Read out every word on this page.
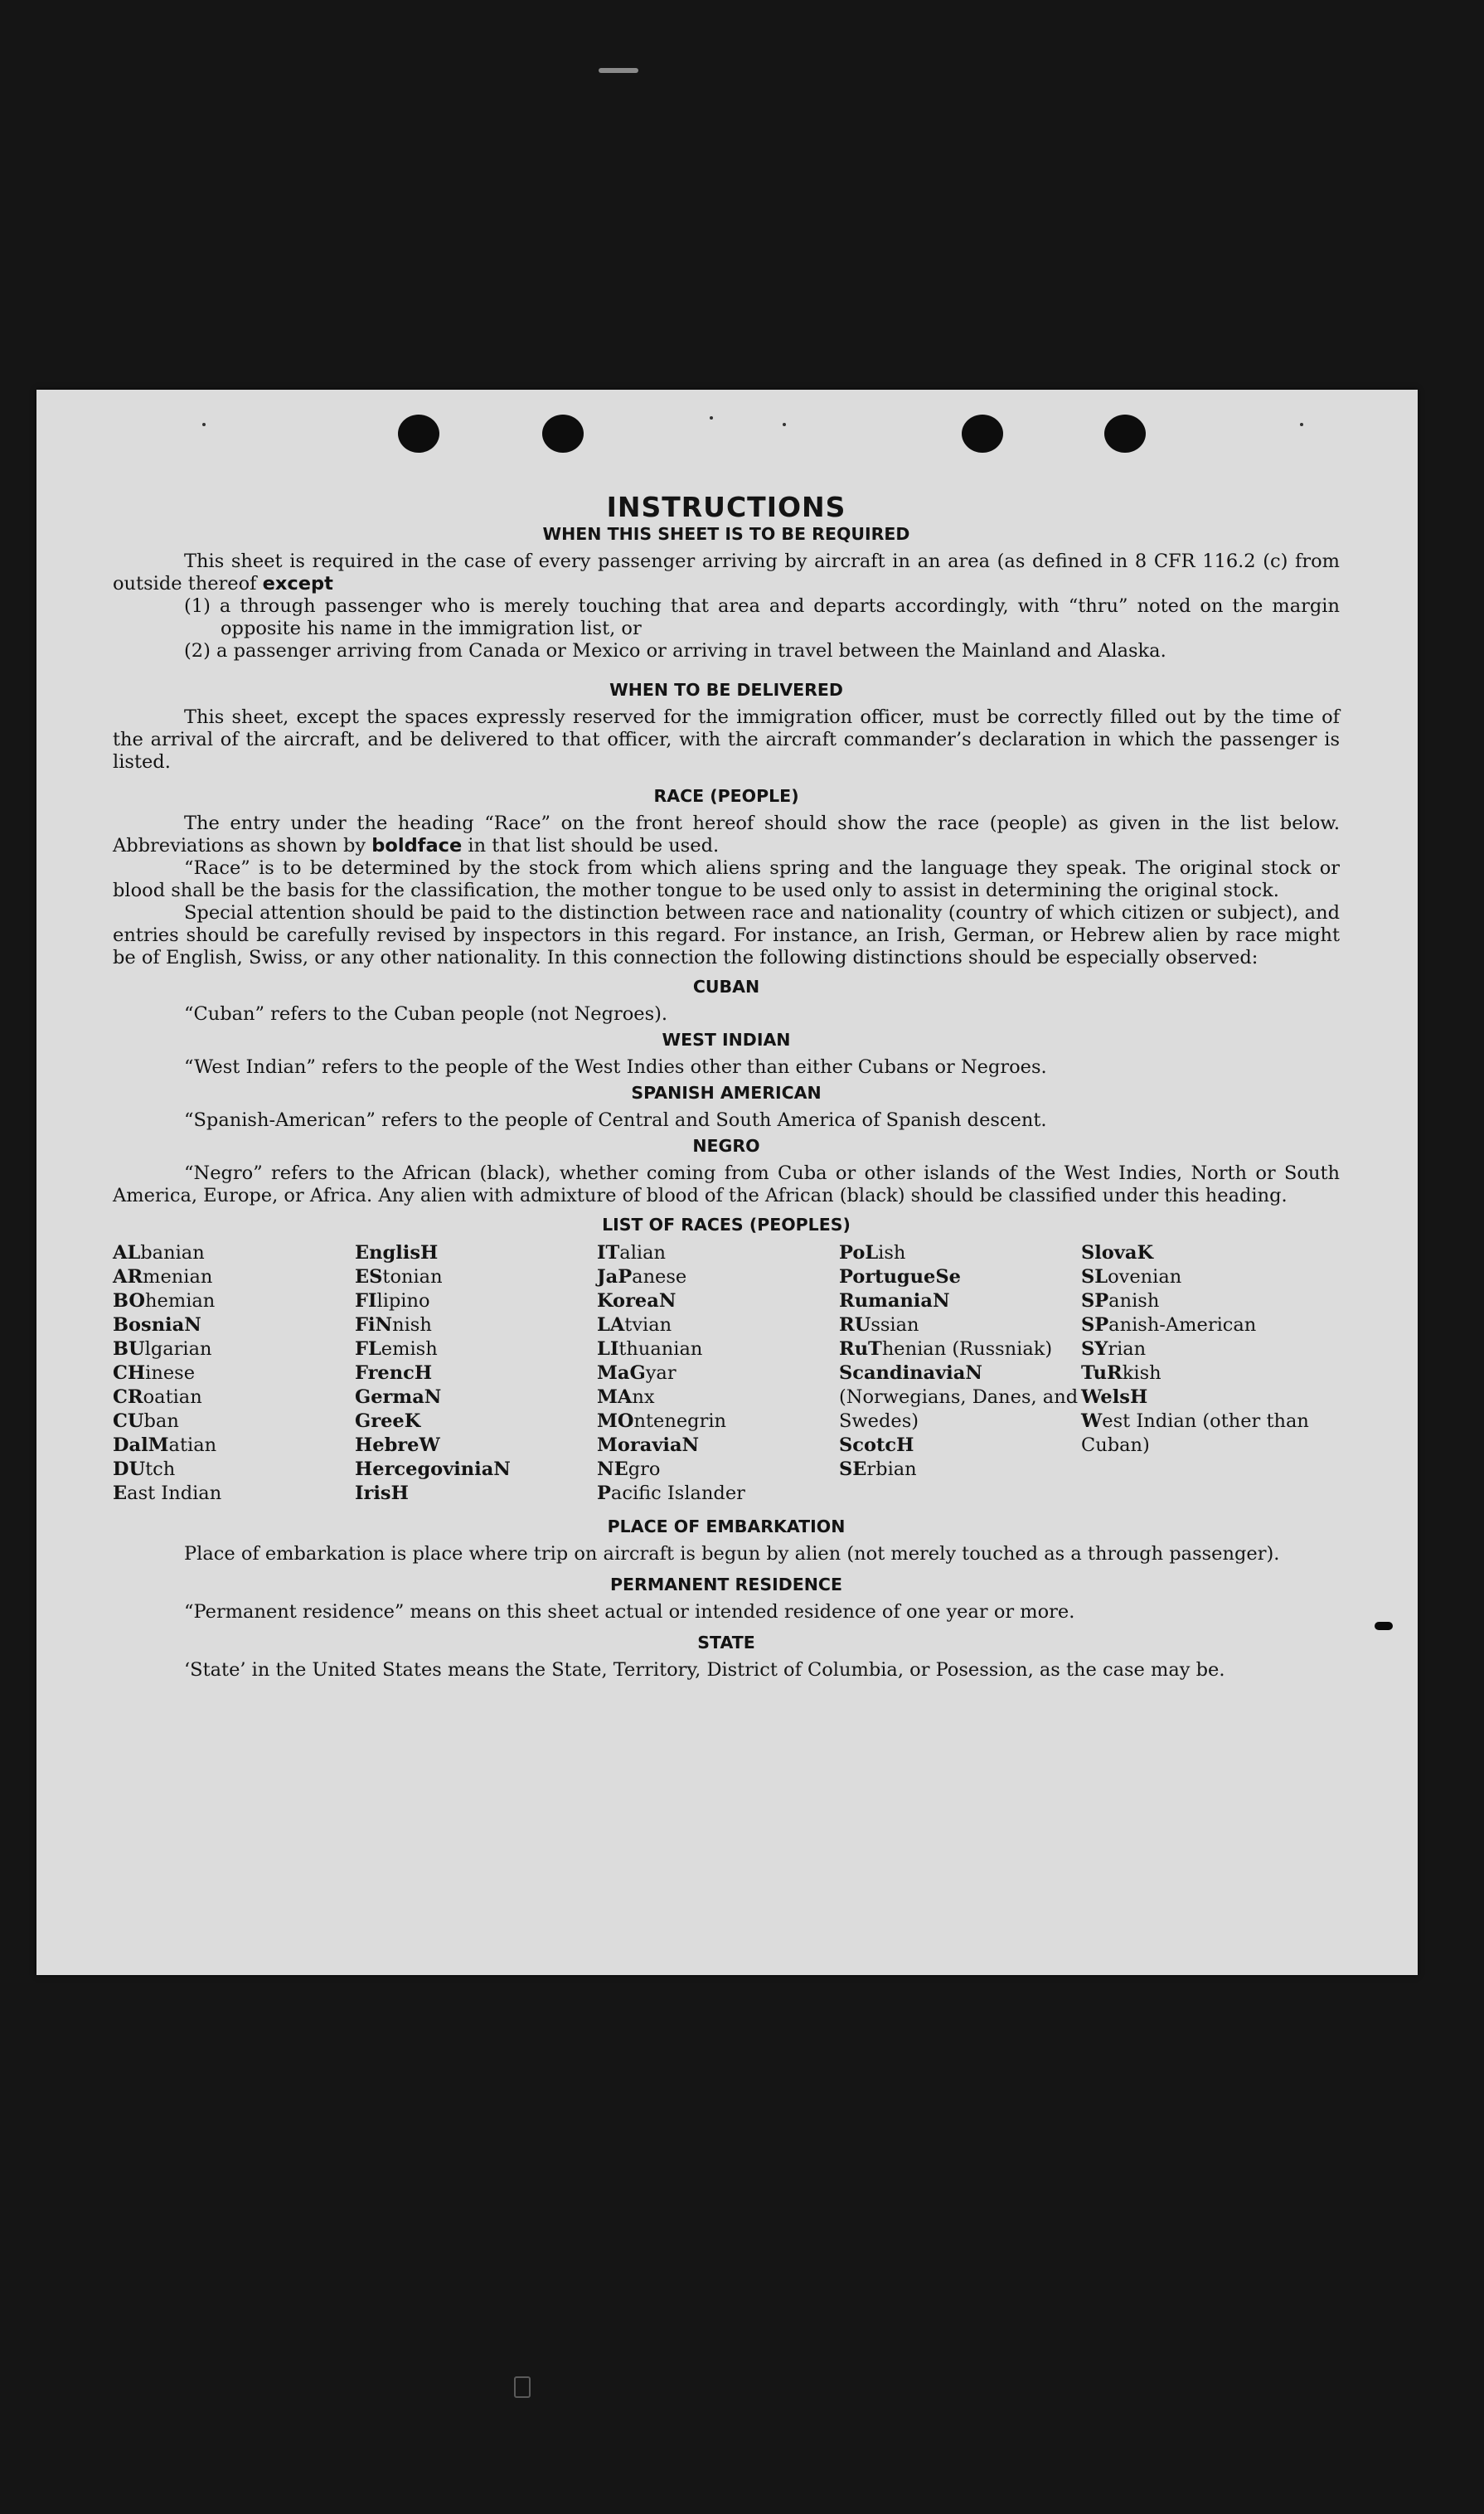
INSTRUCTIONS
WHEN THIS SHEET IS TO BE REQUIRED

This sheet is required in the case of every passenger arriving by aircraft in an area (as defined in 8 CFR 116.2 (c) from outside thereof except

(1) a through passenger who is merely touching that area and departs accordingly, with “thru” noted on the margin opposite his name in the immigration list, or

(2) a passenger arriving from Canada or Mexico or arriving in travel between the Mainland and Alaska.

WHEN TO BE DELIVERED

This sheet, except the spaces expressly reserved for the immigration officer, must be correctly filled out by the time of the arrival of the aircraft, and be delivered to that officer, with the aircraft commander’s declaration in which the passenger is listed.

RACE (PEOPLE)

The entry under the heading “Race” on the front hereof should show the race (people) as given in the list below. Abbreviations as shown by boldface in that list should be used.

“Race” is to be determined by the stock from which aliens spring and the language they speak. The original stock or blood shall be the basis for the classification, the mother tongue to be used only to assist in determining the original stock.

Special attention should be paid to the distinction between race and nationality (country of which citizen or subject), and entries should be carefully revised by inspectors in this regard. For instance, an Irish, German, or Hebrew alien by race might be of English, Swiss, or any other nationality. In this connection the following distinctions should be especially observed:

CUBAN

“Cuban” refers to the Cuban people (not Negroes).

WEST INDIAN

“West Indian” refers to the people of the West Indies other than either Cubans or Negroes.

SPANISH AMERICAN

“Spanish-American” refers to the people of Central and South America of Spanish descent.

NEGRO

“Negro” refers to the African (black), whether coming from Cuba or other islands of the West Indies, North or South America, Europe, or Africa. Any alien with admixture of blood of the African (black) should be classified under this heading.

LIST OF RACES (PEOPLES)
ALbanian
ARmenian
BOhemian
BosniaN
BUlgarian
CHinese
CRoatian
CUban
DalMatian
DUtch
East Indian
EnglisH
EStonian
FIlipino
FiNnish
FLemish
FrencH
GermaN
GreeK
HebreW
HercegoviniaN
IrisH
ITalian
JaPanese
KoreaN
LAtvian
LIthuanian
MaGyar
MAnx
MOntenegrin
MoraviaN
NEgro
Pacific Islander
PoLish
PortugueSe
RumaniaN
RUssian
RuThenian (Russniak)
ScandinaviaN (Norwegians, Danes, and Swedes)
ScotcH
SErbian
SlovaK
SLovenian
SPanish
SPanish-American
SYrian
TuRkish
WelsH
West Indian (other than Cuban)
PLACE OF EMBARKATION

Place of embarkation is place where trip on aircraft is begun by alien (not merely touched as a through passenger).

PERMANENT RESIDENCE

“Permanent residence” means on this sheet actual or intended residence of one year or more.

STATE

‘State’ in the United States means the State, Territory, District of Columbia, or Posession, as the case may be.
